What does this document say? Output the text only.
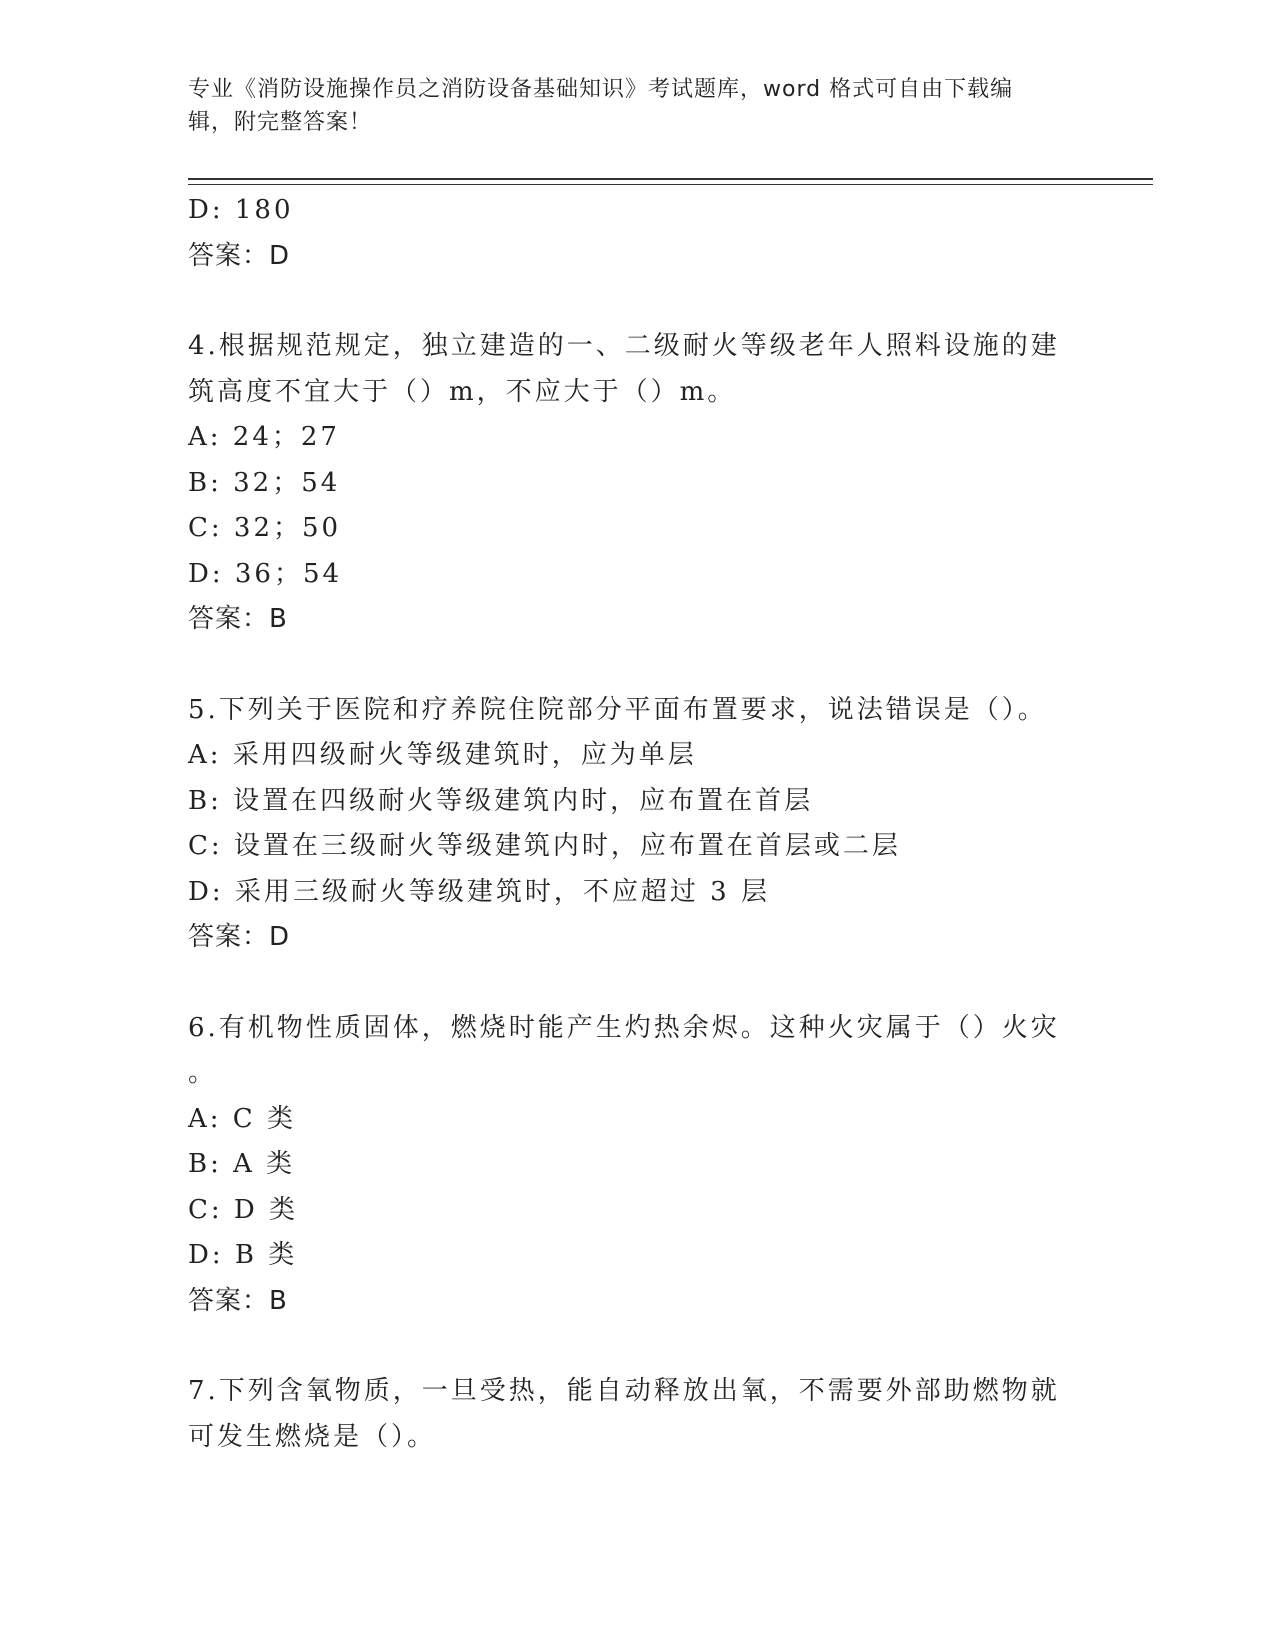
专业《消防设施操作员之消防设备基础知识》考试题库，word 格式可自由下载编
辑，附完整答案！
D: 180
答案：D
4.根据规范规定，独立建造的一、二级耐火等级老年人照料设施的建
筑高度不宜大于（）m，不应大于（）m。
A: 24；27
B: 32；54
C: 32；50
D: 36；54
答案：B
5.下列关于医院和疗养院住院部分平面布置要求，说法错误是（）。
A: 采用四级耐火等级建筑时，应为单层
B: 设置在四级耐火等级建筑内时，应布置在首层
C: 设置在三级耐火等级建筑内时，应布置在首层或二层
D: 采用三级耐火等级建筑时，不应超过 3 层
答案：D
6.有机物性质固体，燃烧时能产生灼热余烬。这种火灾属于（）火灾
。
A: C 类
B: A 类
C: D 类
D: B 类
答案：B
7.下列含氧物质，一旦受热，能自动释放出氧，不需要外部助燃物就
可发生燃烧是（）。
